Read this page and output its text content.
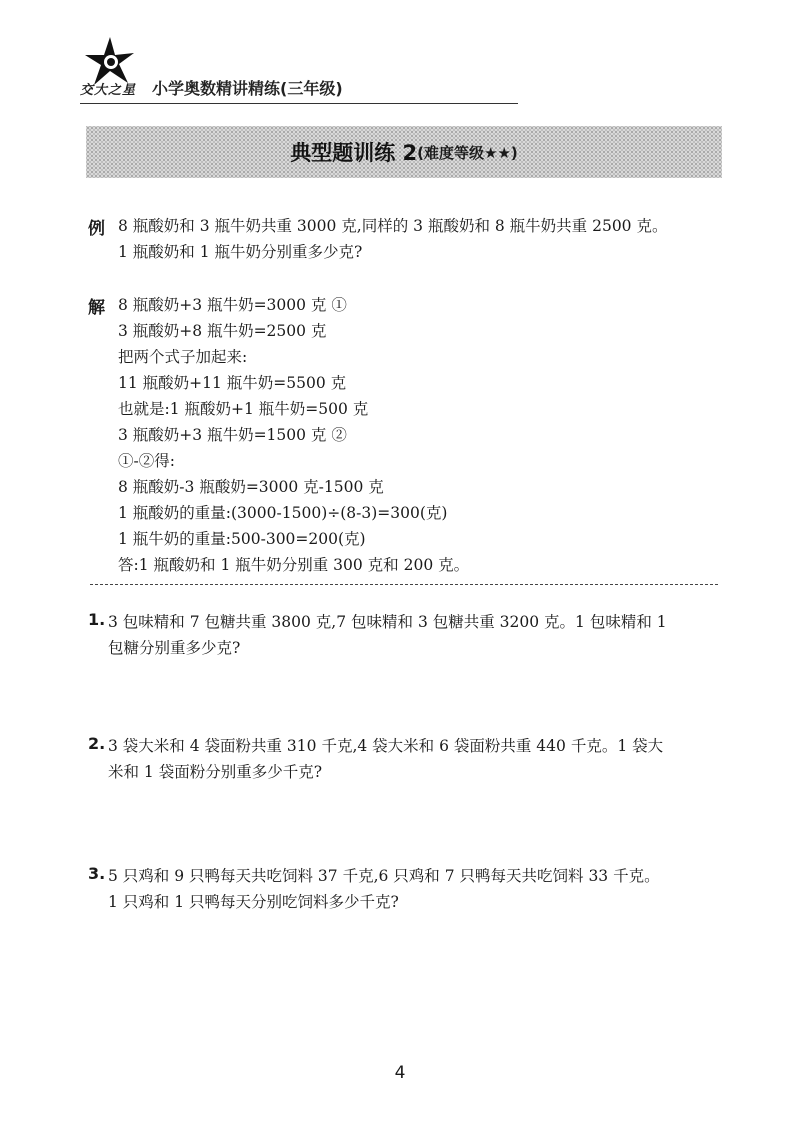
交大之星 小学奥数精讲精练(三年级)
典型题训练 2 (难度等级★★)
例 8 瓶酸奶和 3 瓶牛奶共重 3000 克,同样的 3 瓶酸奶和 8 瓶牛奶共重 2500 克。
1 瓶酸奶和 1 瓶牛奶分别重多少克?
解 8 瓶酸奶+3 瓶牛奶=3000 克 ①
3 瓶酸奶+8 瓶牛奶=2500 克
把两个式子加起来:
11 瓶酸奶+11 瓶牛奶=5500 克
也就是:1 瓶酸奶+1 瓶牛奶=500 克
3 瓶酸奶+3 瓶牛奶=1500 克 ②
①-②得:
8 瓶酸奶-3 瓶酸奶=3000 克-1500 克
1 瓶酸奶的重量:(3000-1500)÷(8-3)=300(克)
1 瓶牛奶的重量:500-300=200(克)
答:1 瓶酸奶和 1 瓶牛奶分别重 300 克和 200 克。
1. 3 包味精和 7 包糖共重 3800 克,7 包味精和 3 包糖共重 3200 克。1 包味精和 1
包糖分别重多少克?
2. 3 袋大米和 4 袋面粉共重 310 千克,4 袋大米和 6 袋面粉共重 440 千克。1 袋大
米和 1 袋面粉分别重多少千克?
3. 5 只鸡和 9 只鸭每天共吃饲料 37 千克,6 只鸡和 7 只鸭每天共吃饲料 33 千克。
1 只鸡和 1 只鸭每天分别吃饲料多少千克?
4
